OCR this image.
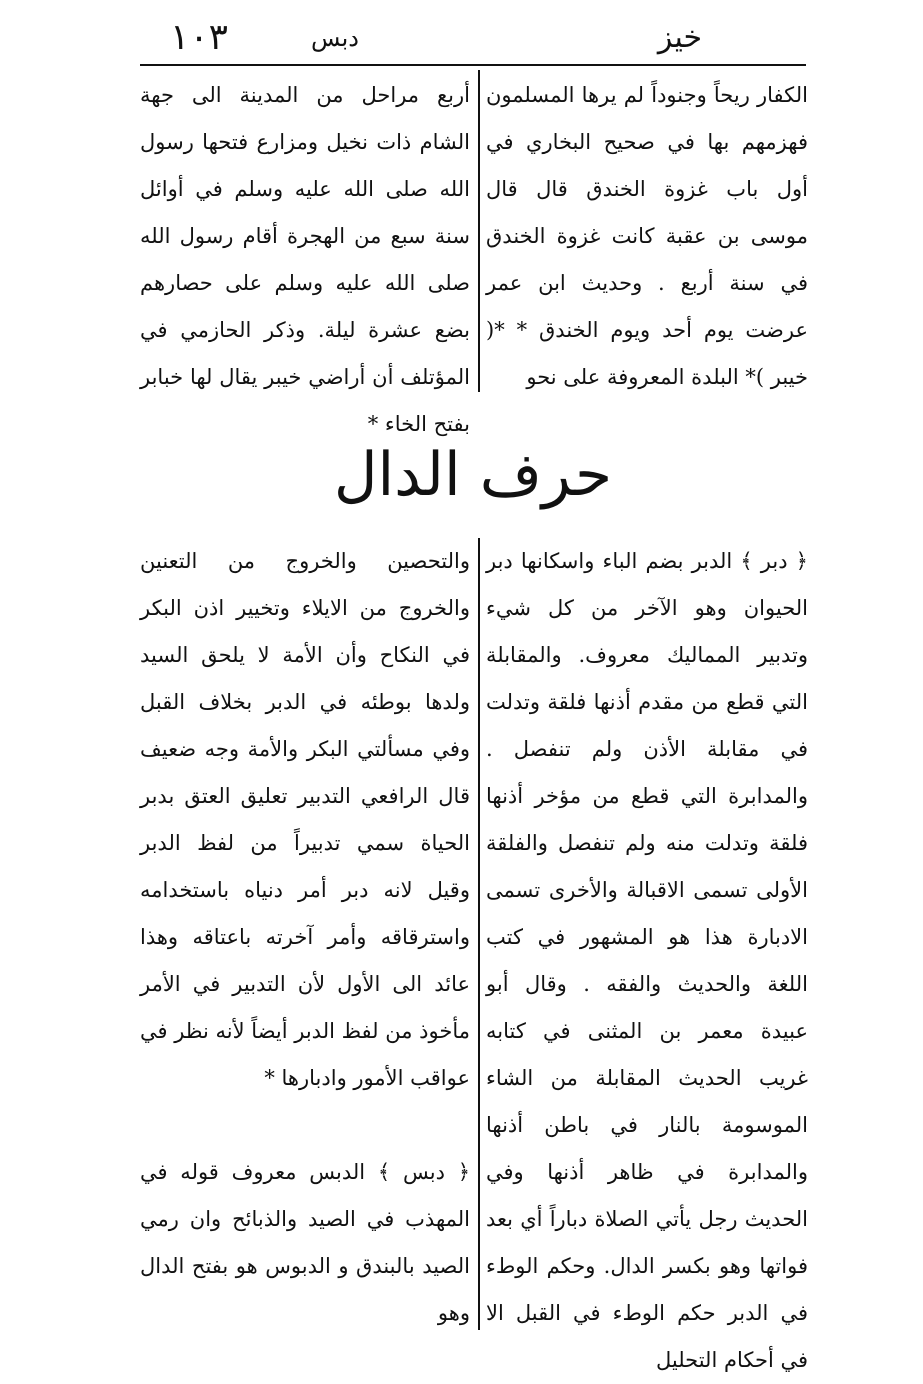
خيز
دبس
١٠٣

الكفار ريحاً وجنوداً لم يرها المسلمون فهزمهم بها في صحيح البخاري في أول باب غزوة الخندق قال قال موسى بن عقبة كانت غزوة الخندق في سنة أربع . وحديث ابن عمر عرضت يوم أحد ويوم الخندق * *( خيبر )* البلدة المعروفة على نحو

أربع مراحل من المدينة الى جهة الشام ذات نخيل ومزارع فتحها رسول الله صلى الله عليه وسلم في أوائل سنة سبع من الهجرة أقام رسول الله صلى الله عليه وسلم على حصارهم بضع عشرة ليلة. وذكر الحازمي في المؤتلف أن أراضي خيبر يقال لها خبابر بفتح الخاء *

حرف الدال

﴿ دبر ﴾ الدبر بضم الباء واسكانها دبر الحيوان وهو الآخر من كل شيء وتدبير المماليك معروف. والمقابلة التي قطع من مقدم أذنها فلقة وتدلت في مقابلة الأذن ولم تنفصل . والمدابرة التي قطع من مؤخر أذنها فلقة وتدلت منه ولم تنفصل والفلقة الأولى تسمى الاقبالة والأخرى تسمى الادبارة هذا هو المشهور في كتب اللغة والحديث والفقه . وقال أبو عبيدة معمر بن المثنى في كتابه غريب الحديث المقابلة من الشاء الموسومة بالنار في باطن أذنها والمدابرة في ظاهر أذنها وفي الحديث رجل يأتي الصلاة دباراً أي بعد فواتها وهو بكسر الدال. وحكم الوطء في الدبر حكم الوطء في القبل الا في أحكام التحليل

والتحصين والخروج من التعنين والخروج من الايلاء وتخيير اذن البكر في النكاح وأن الأمة لا يلحق السيد ولدها بوطئه في الدبر بخلاف القبل وفي مسألتي البكر والأمة وجه ضعيف قال الرافعي التدبير تعليق العتق بدبر الحياة سمي تدبيراً من لفظ الدبر وقيل لانه دبر أمر دنياه باستخدامه واسترقاقه وأمر آخرته باعتاقه وهذا عائد الى الأول لأن التدبير في الأمر مأخوذ من لفظ الدبر أيضاً لأنه نظر في عواقب الأمور وادبارها *

﴿ دبس ﴾ الدبس معروف قوله في المهذب في الصيد والذبائح وان رمي الصيد بالبندق و الدبوس هو بفتح الدال وهو
